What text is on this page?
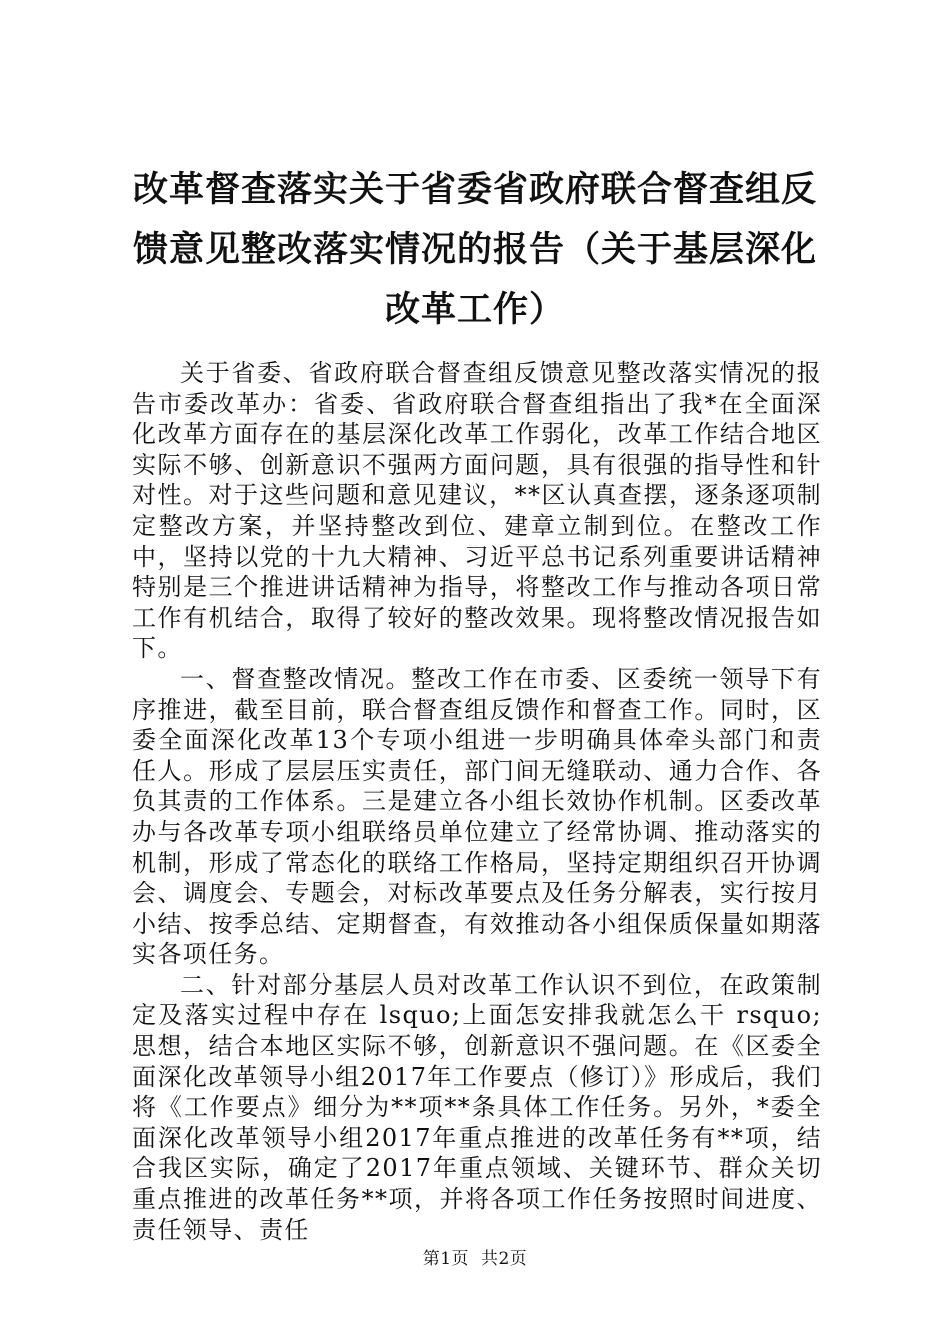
改革督查落实关于省委省政府联合督查组反馈意见整改落实情况的报告（关于基层深化改革工作）

关于省委、省政府联合督查组反馈意见整改落实情况的报告市委改革办：省委、省政府联合督查组指出了我*在全面深化改革方面存在的基层深化改革工作弱化，改革工作结合地区实际不够、创新意识不强两方面问题，具有很强的指导性和针对性。对于这些问题和意见建议，**区认真查摆，逐条逐项制定整改方案，并坚持整改到位、建章立制到位。在整改工作中，坚持以党的十九大精神、习近平总书记系列重要讲话精神特别是三个推进讲话精神为指导，将整改工作与推动各项日常工作有机结合，取得了较好的整改效果。现将整改情况报告如下。

一、督查整改情况。整改工作在市委、区委统一领导下有序推进，截至目前，联合督查组反馈作和督查工作。同时，区委全面深化改革13个专项小组进一步明确具体牵头部门和责任人。形成了层层压实责任，部门间无缝联动、通力合作、各负其责的工作体系。三是建立各小组长效协作机制。区委改革办与各改革专项小组联络员单位建立了经常协调、推动落实的机制，形成了常态化的联络工作格局，坚持定期组织召开协调会、调度会、专题会，对标改革要点及任务分解表，实行按月小结、按季总结、定期督查，有效推动各小组保质保量如期落实各项任务。

二、针对部分基层人员对改革工作认识不到位，在政策制定及落实过程中存在 lsquo;上面怎安排我就怎么干 rsquo;思想，结合本地区实际不够，创新意识不强问题。在《区委全面深化改革领导小组2017年工作要点（修订）》形成后，我们将《工作要点》细分为**项**条具体工作任务。另外，*委全面深化改革领导小组2017年重点推进的改革任务有**项，结合我区实际，确定了2017年重点领域、关键环节、群众关切重点推进的改革任务**项，并将各项工作任务按照时间进度、责任领导、责任

第1页 共2页
